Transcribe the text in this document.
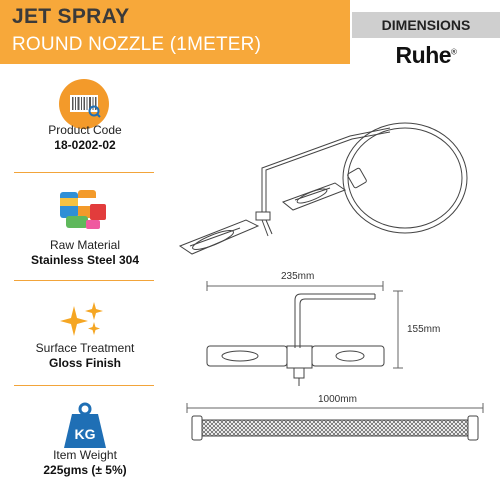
JET SPRAY
ROUND NOZZLE (1METER)
DIMENSIONS
Ruhe®
Product Code
18-0202-02
Raw Material
Stainless Steel 304
Surface Treatment
Gloss Finish
KG
Item Weight
225gms (± 5%)
235mm
155mm
1000mm
